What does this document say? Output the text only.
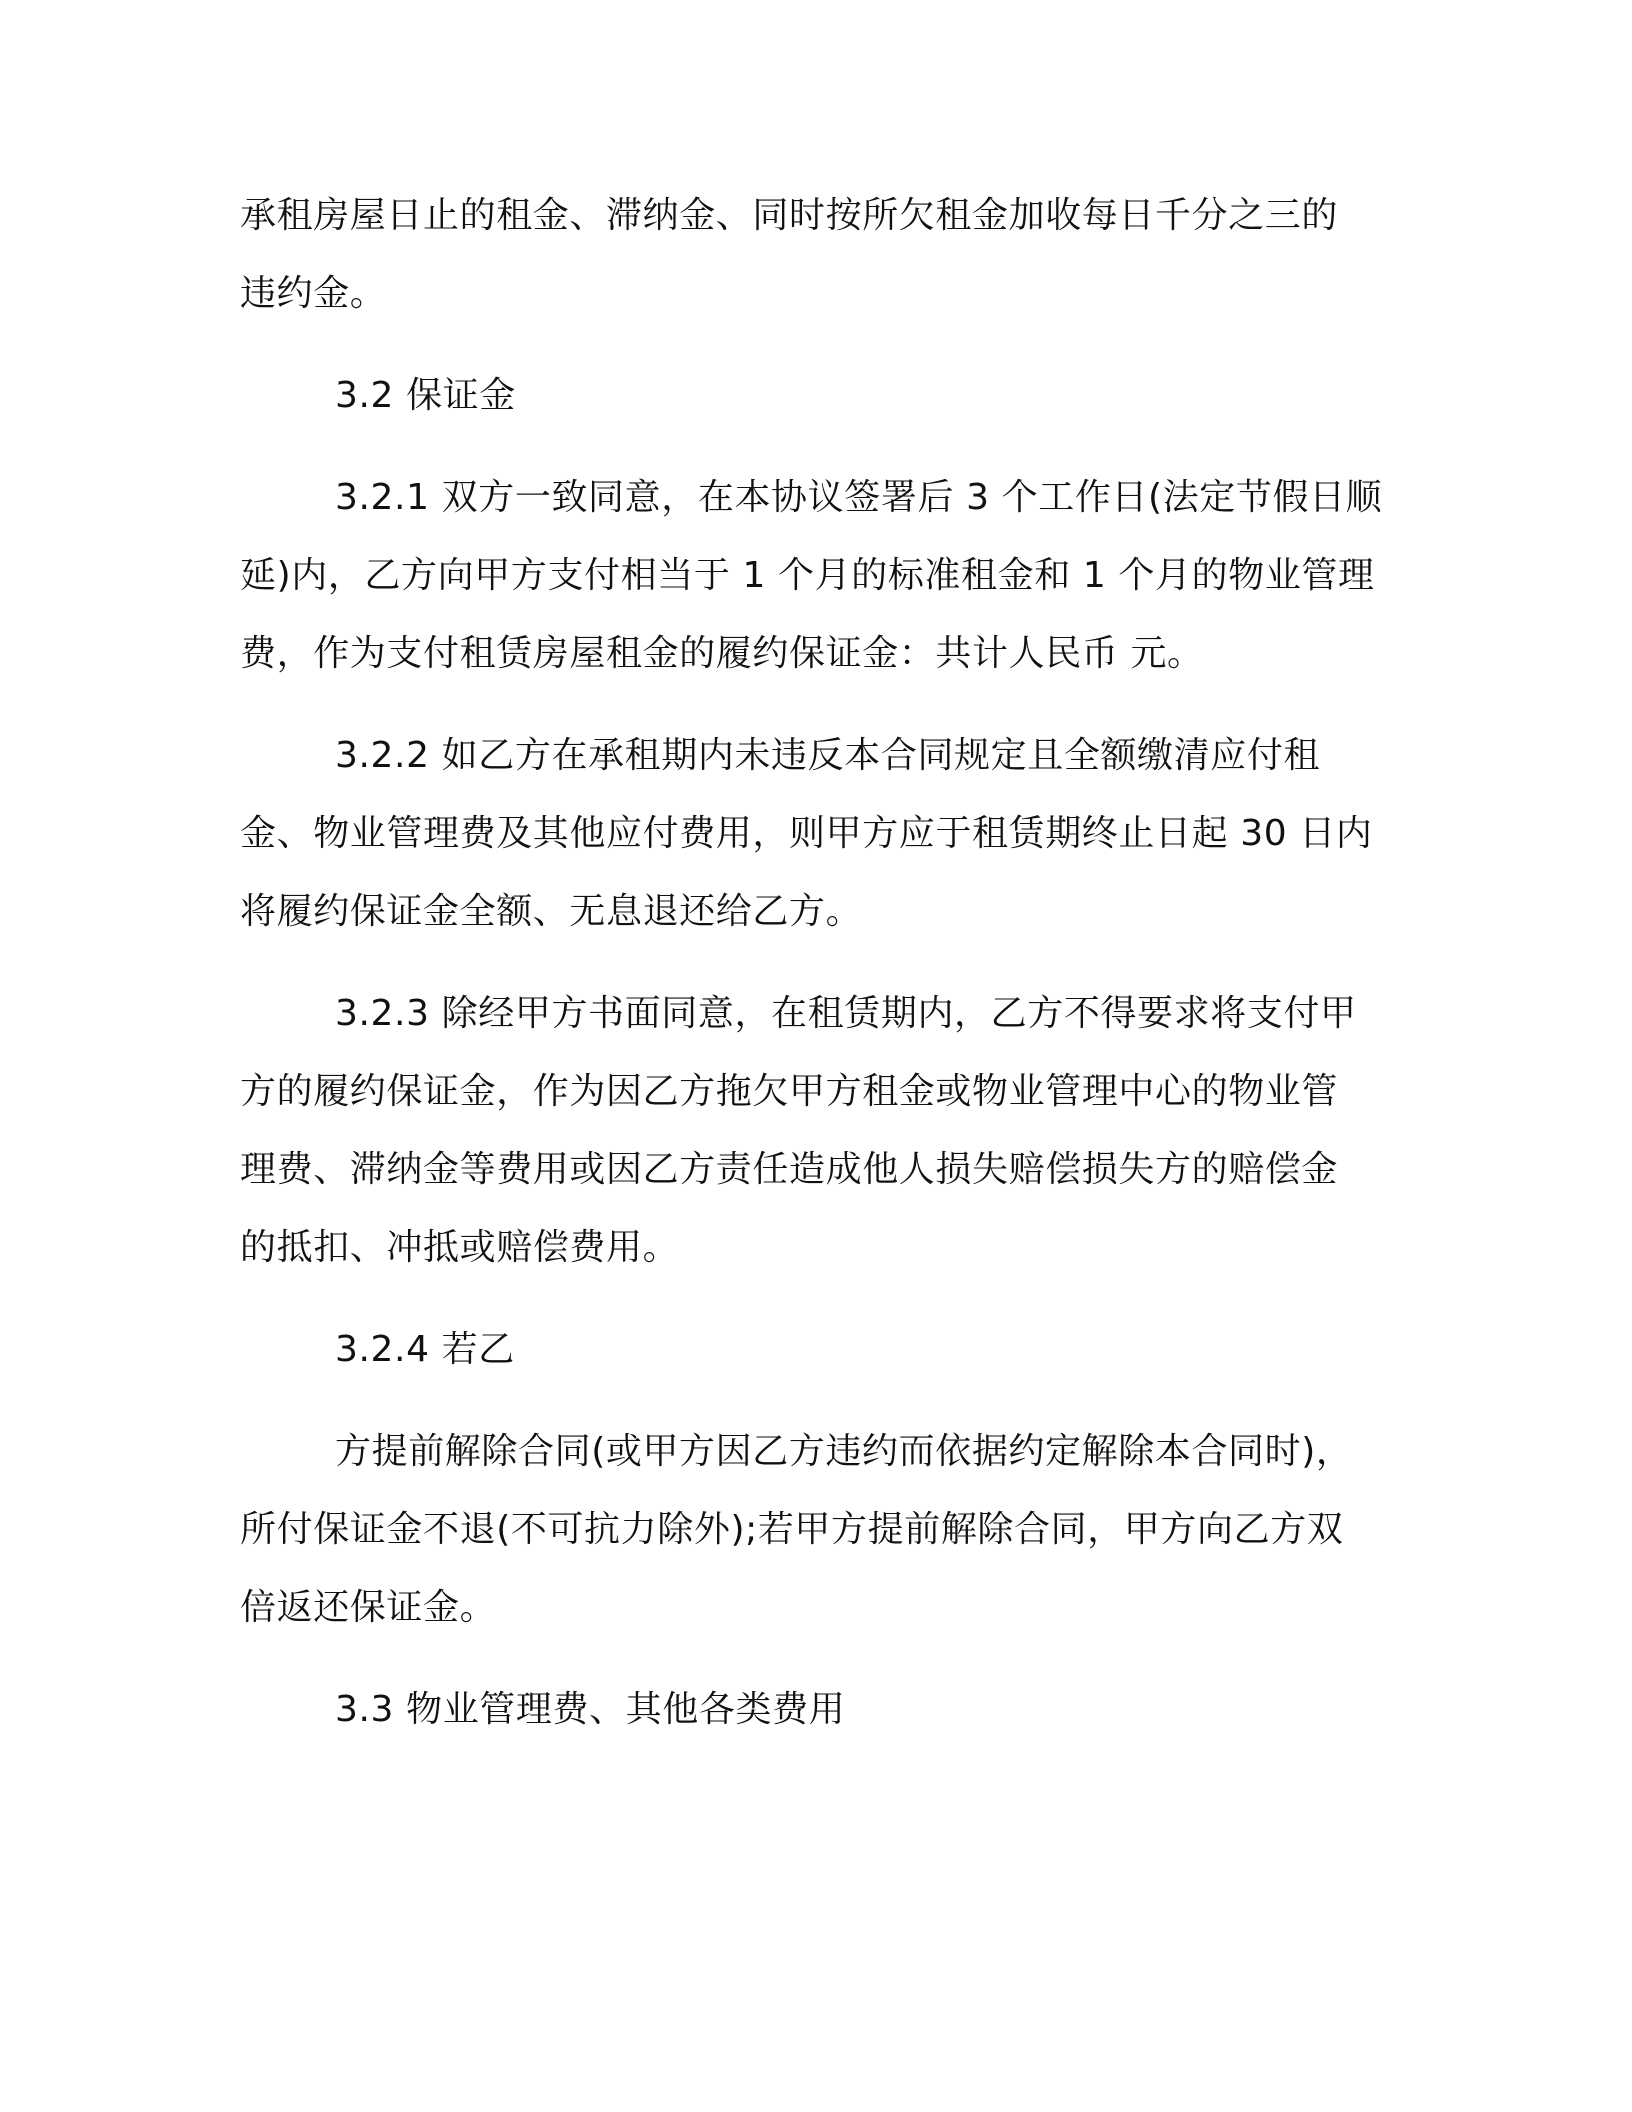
承租房屋日止的租金、滞纳金、同时按所欠租金加收每日千分之三的
违约金。
3.2 保证金
3.2.1 双方一致同意，在本协议签署后 3 个工作日(法定节假日顺
延)内，乙方向甲方支付相当于 1 个月的标准租金和 1 个月的物业管理
费，作为支付租赁房屋租金的履约保证金：共计人民币 元。
3.2.2 如乙方在承租期内未违反本合同规定且全额缴清应付租
金、物业管理费及其他应付费用，则甲方应于租赁期终止日起 30 日内
将履约保证金全额、无息退还给乙方。
3.2.3 除经甲方书面同意，在租赁期内，乙方不得要求将支付甲
方的履约保证金，作为因乙方拖欠甲方租金或物业管理中心的物业管
理费、滞纳金等费用或因乙方责任造成他人损失赔偿损失方的赔偿金
的抵扣、冲抵或赔偿费用。
3.2.4 若乙
方提前解除合同(或甲方因乙方违约而依据约定解除本合同时)，
所付保证金不退(不可抗力除外);若甲方提前解除合同，甲方向乙方双
倍返还保证金。
3.3 物业管理费、其他各类费用
